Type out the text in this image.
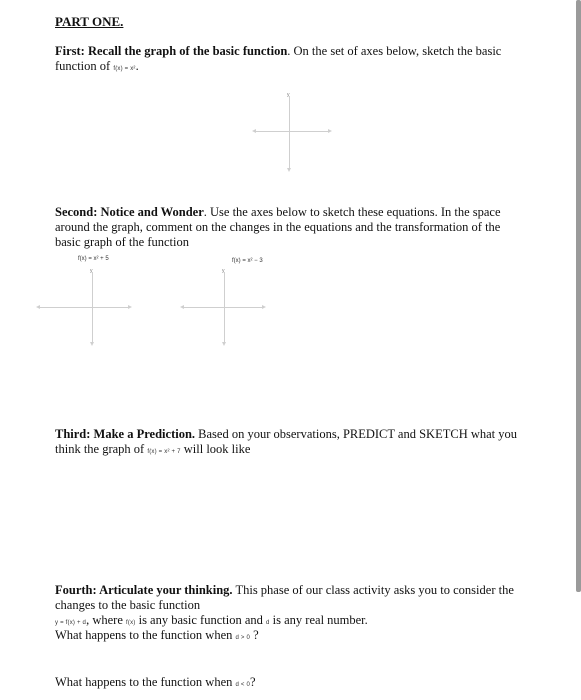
PART ONE.
First: Recall the graph of the basic function. On the set of axes below, sketch the basic function of f(x) = x².
y
Second: Notice and Wonder. Use the axes below to sketch these equations. In the space around the graph, comment on the changes in the equations and the transformation of the basic graph of the function
f(x) = x² + 5	f(x) = x² − 3
y	y
Third: Make a Prediction. Based on your observations, PREDICT and SKETCH what you think the graph of f(x) = x² + 7 will look like
Fourth: Articulate your thinking. This phase of our class activity asks you to consider the changes to the basic function
y = f(x) + d, where f(x) is any basic function and d is any real number.
What happens to the function when d > 0 ?
What happens to the function when d < 0?
